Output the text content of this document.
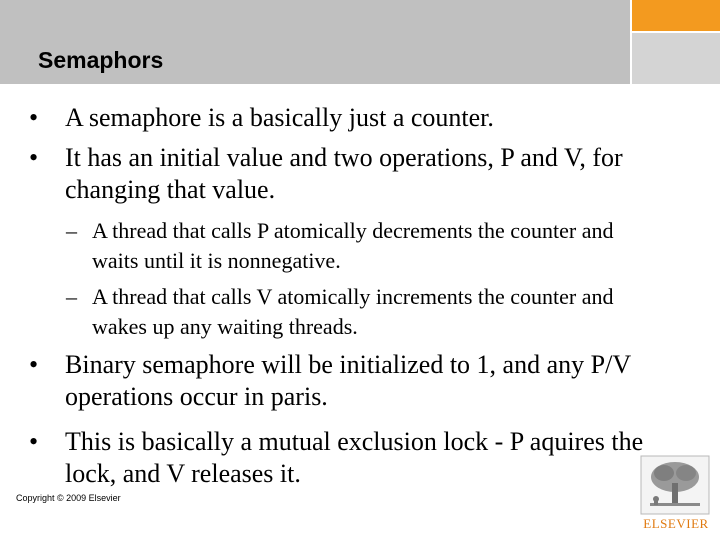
Semaphors
• A semaphore is a basically just a counter.
• It has an initial value and two operations, P and V, for changing that value.
– A thread that calls P atomically decrements the counter and waits until it is nonnegative.
– A thread that calls V atomically increments the counter and wakes up any waiting threads.
• Binary semaphore will be initialized to 1, and any P/V operations occur in paris.
• This is basically a mutual exclusion lock - P aquires the lock, and V releases it.
Copyright © 2009 Elsevier
ELSEVIER
